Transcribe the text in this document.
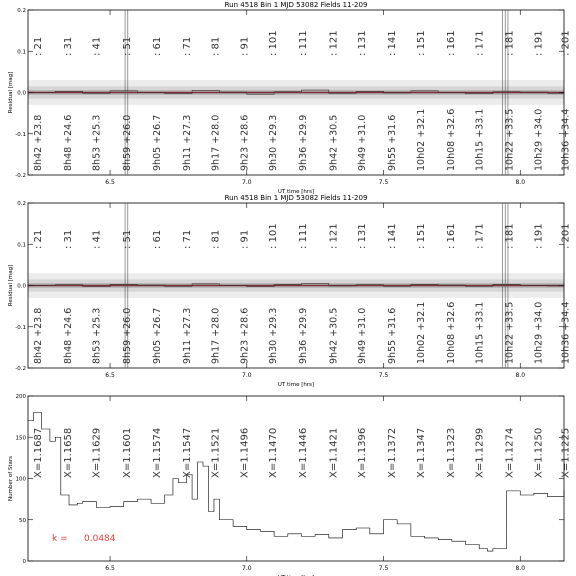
Run 4518 Bin 1 MJD 53082 Fields 11-209
6.5	7.0	7.5	8.0
-0.2
-0.1
0.0
0.1
0.2
UT time [hrs]
Residual [mag]
: 21 : 31 : 41 : 51 : 61 : 71 : 81 : 91 : 101 : 111 : 121 : 131 : 141 : 151 : 161 : 171 : 181 : 191 : 201
8h42 +23.8 8h48 +24.6 8h53 +25.3 8h59 +26.0 9h05 +26.7 9h11 +27.3 9h17 +28.0 9h23 +28.6 9h30 +29.3 9h36 +29.9 9h42 +30.5 9h49 +31.0 9h55 +31.6 10h02 +32.1 10h08 +32.6 10h15 +33.1 10h22 +33.5 10h29 +34.0 10h36 +34.4
Run 4518 Bin 1 MJD 53082 Fields 11-209
6.5	7.0	7.5	8.0
-0.2
-0.1
0.0
0.1
0.2
UT time [hrs]
Residual [mag]
: 21 : 31 : 41 : 51 : 61 : 71 : 81 : 91 : 101 : 111 : 121 : 131 : 141 : 151 : 161 : 171 : 181 : 191 : 201
8h42 +23.8 8h48 +24.6 8h53 +25.3 8h59 +26.0 9h05 +26.7 9h11 +27.3 9h17 +28.0 9h23 +28.6 9h30 +29.3 9h36 +29.9 9h42 +30.5 9h49 +31.0 9h55 +31.6 10h02 +32.1 10h08 +32.6 10h15 +33.1 10h22 +33.5 10h29 +34.0 10h36 +34.4
6.5	7.0	7.5	8.0
0
50
100
150
200
Number of Stars
X=1.1687 X=1.1658 X=1.1629 X=1.1601 X=1.1574 X=1.1547 X=1.1521 X=1.1496 X=1.1470 X=1.1446 X=1.1421 X=1.1396 X=1.1372 X=1.1347 X=1.1323 X=1.1299 X=1.1274 X=1.1250 X=1.1225
k = 0.0484
